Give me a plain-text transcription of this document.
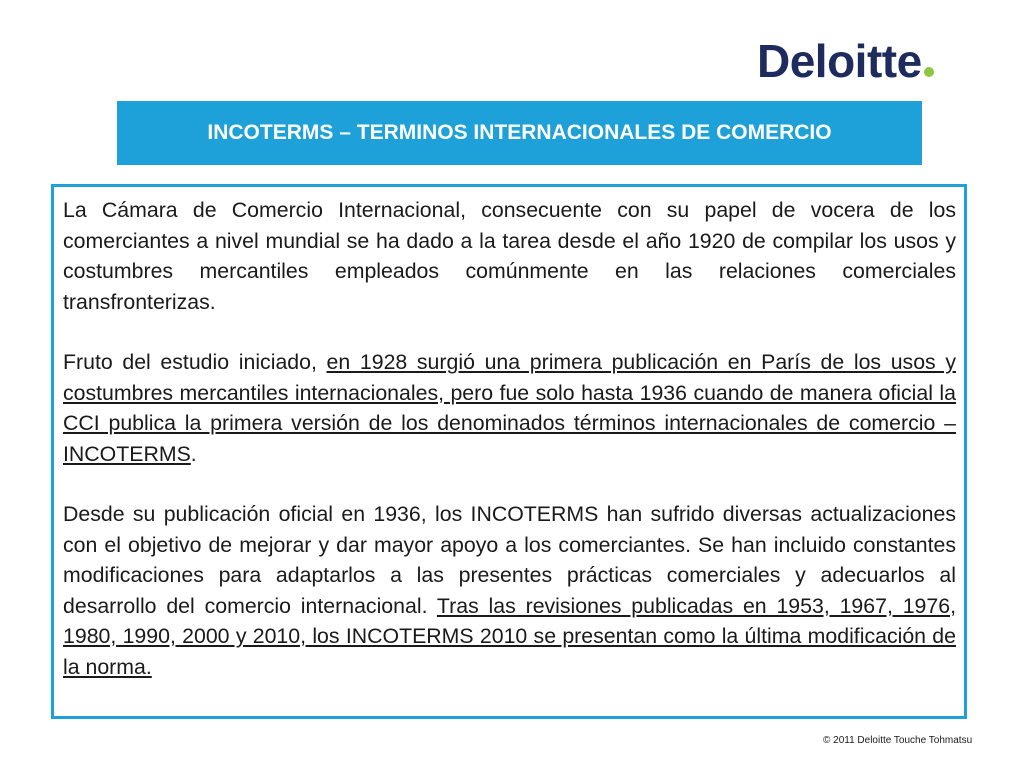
Deloitte
INCOTERMS – TERMINOS INTERNACIONALES DE COMERCIO

La Cámara de Comercio Internacional, consecuente con su papel de vocera de los comerciantes a nivel mundial se ha dado a la tarea desde el año 1920 de compilar los usos y costumbres mercantiles empleados comúnmente en las relaciones comerciales transfronterizas.

Fruto del estudio iniciado, en 1928 surgió una primera publicación en París de los usos y costumbres mercantiles internacionales, pero fue solo hasta 1936 cuando de manera oficial la CCI publica la primera versión de los denominados términos internacionales de comercio – INCOTERMS.

Desde su publicación oficial en 1936, los INCOTERMS han sufrido diversas actualizaciones con el objetivo de mejorar y dar mayor apoyo a los comerciantes. Se han incluido constantes modificaciones para adaptarlos a las presentes prácticas comerciales y adecuarlos al desarrollo del comercio internacional. Tras las revisiones publicadas en 1953, 1967, 1976, 1980, 1990, 2000 y 2010, los INCOTERMS 2010 se presentan como la última modificación de la norma.

© 2011 Deloitte Touche Tohmatsu
